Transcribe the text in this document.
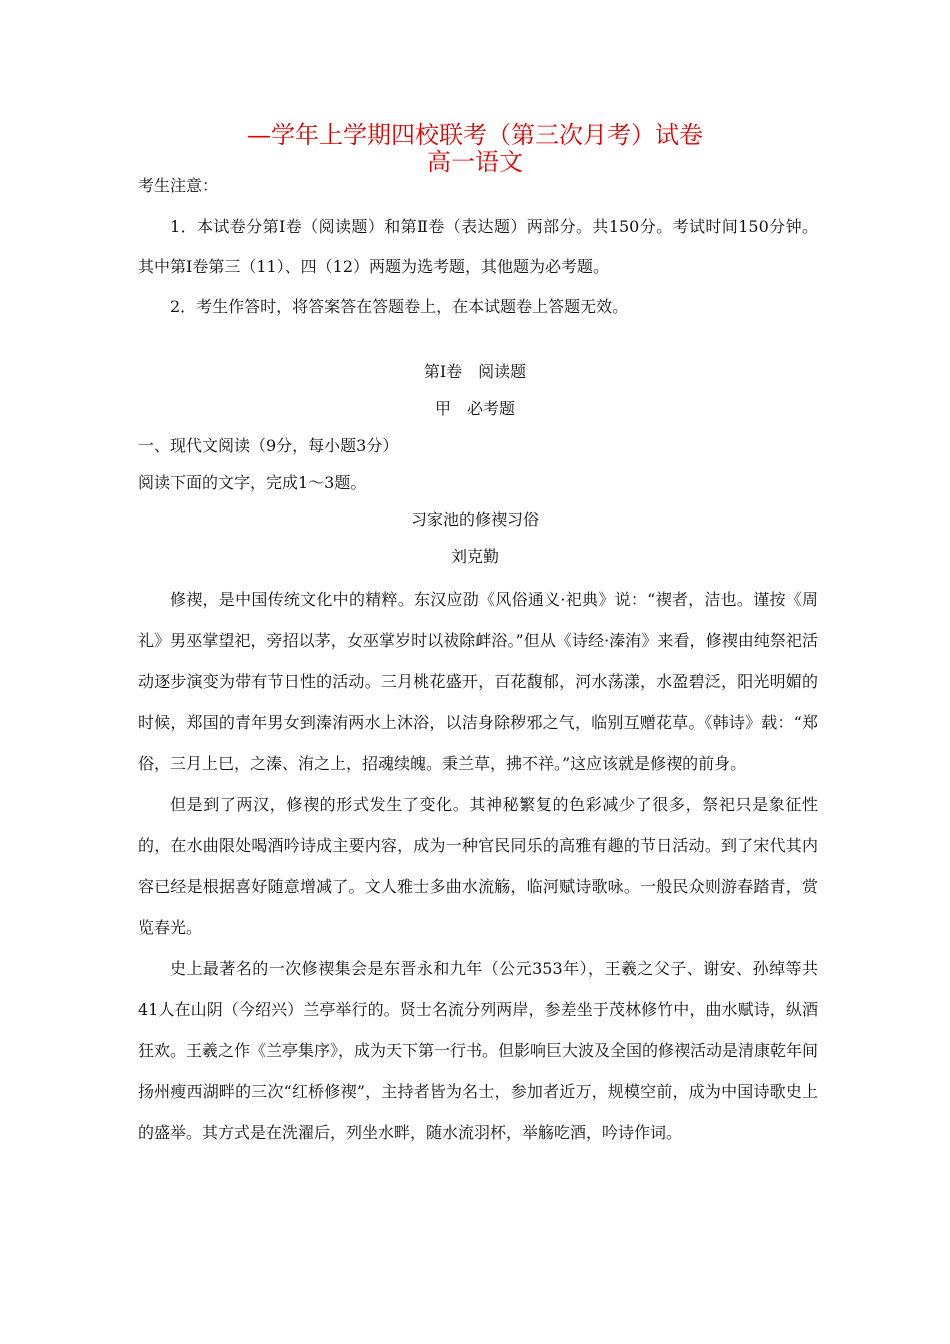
—学年上学期四校联考（第三次月考）试卷
高一语文
考生注意：

1．本试卷分第Ⅰ卷（阅读题）和第Ⅱ卷（表达题）两部分。共150分。考试时间150分钟。其中第Ⅰ卷第三（11）、四（12）两题为选考题，其他题为必考题。

2．考生作答时，将答案答在答题卷上，在本试题卷上答题无效。

第Ⅰ卷　阅读题
甲　必考题
一、现代文阅读（9分，每小题3分）
阅读下面的文字，完成1～3题。
习家池的修禊习俗
刘克勤

修禊，是中国传统文化中的精粹。东汉应劭《风俗通义·祀典》说：“禊者，洁也。谨按《周礼》男巫掌望祀，旁招以茅，女巫掌岁时以祓除衅浴。”但从《诗经·溱洧》来看，修禊由纯祭祀活动逐步演变为带有节日性的活动。三月桃花盛开，百花馥郁，河水荡漾，水盈碧泛，阳光明媚的时候，郑国的青年男女到溱洧两水上沐浴，以洁身除秽邪之气，临别互赠花草。《韩诗》载：“郑俗，三月上巳，之溱、洧之上，招魂续魄。秉兰草，拂不祥。”这应该就是修禊的前身。

但是到了两汉，修禊的形式发生了变化。其神秘繁复的色彩减少了很多，祭祀只是象征性的，在水曲限处喝酒吟诗成主要内容，成为一种官民同乐的高雅有趣的节日活动。到了宋代其内容已经是根据喜好随意增减了。文人雅士多曲水流觞，临河赋诗歌咏。一般民众则游春踏青，赏览春光。

史上最著名的一次修禊集会是东晋永和九年（公元353年），王羲之父子、谢安、孙绰等共41人在山阴（今绍兴）兰亭举行的。贤士名流分列两岸，参差坐于茂林修竹中，曲水赋诗，纵酒狂欢。王羲之作《兰亭集序》，成为天下第一行书。但影响巨大波及全国的修禊活动是清康乾年间扬州瘦西湖畔的三次“红桥修禊”，主持者皆为名士，参加者近万，规模空前，成为中国诗歌史上的盛举。其方式是在洗濯后，列坐水畔，随水流羽杯，举觞吃酒，吟诗作词。
